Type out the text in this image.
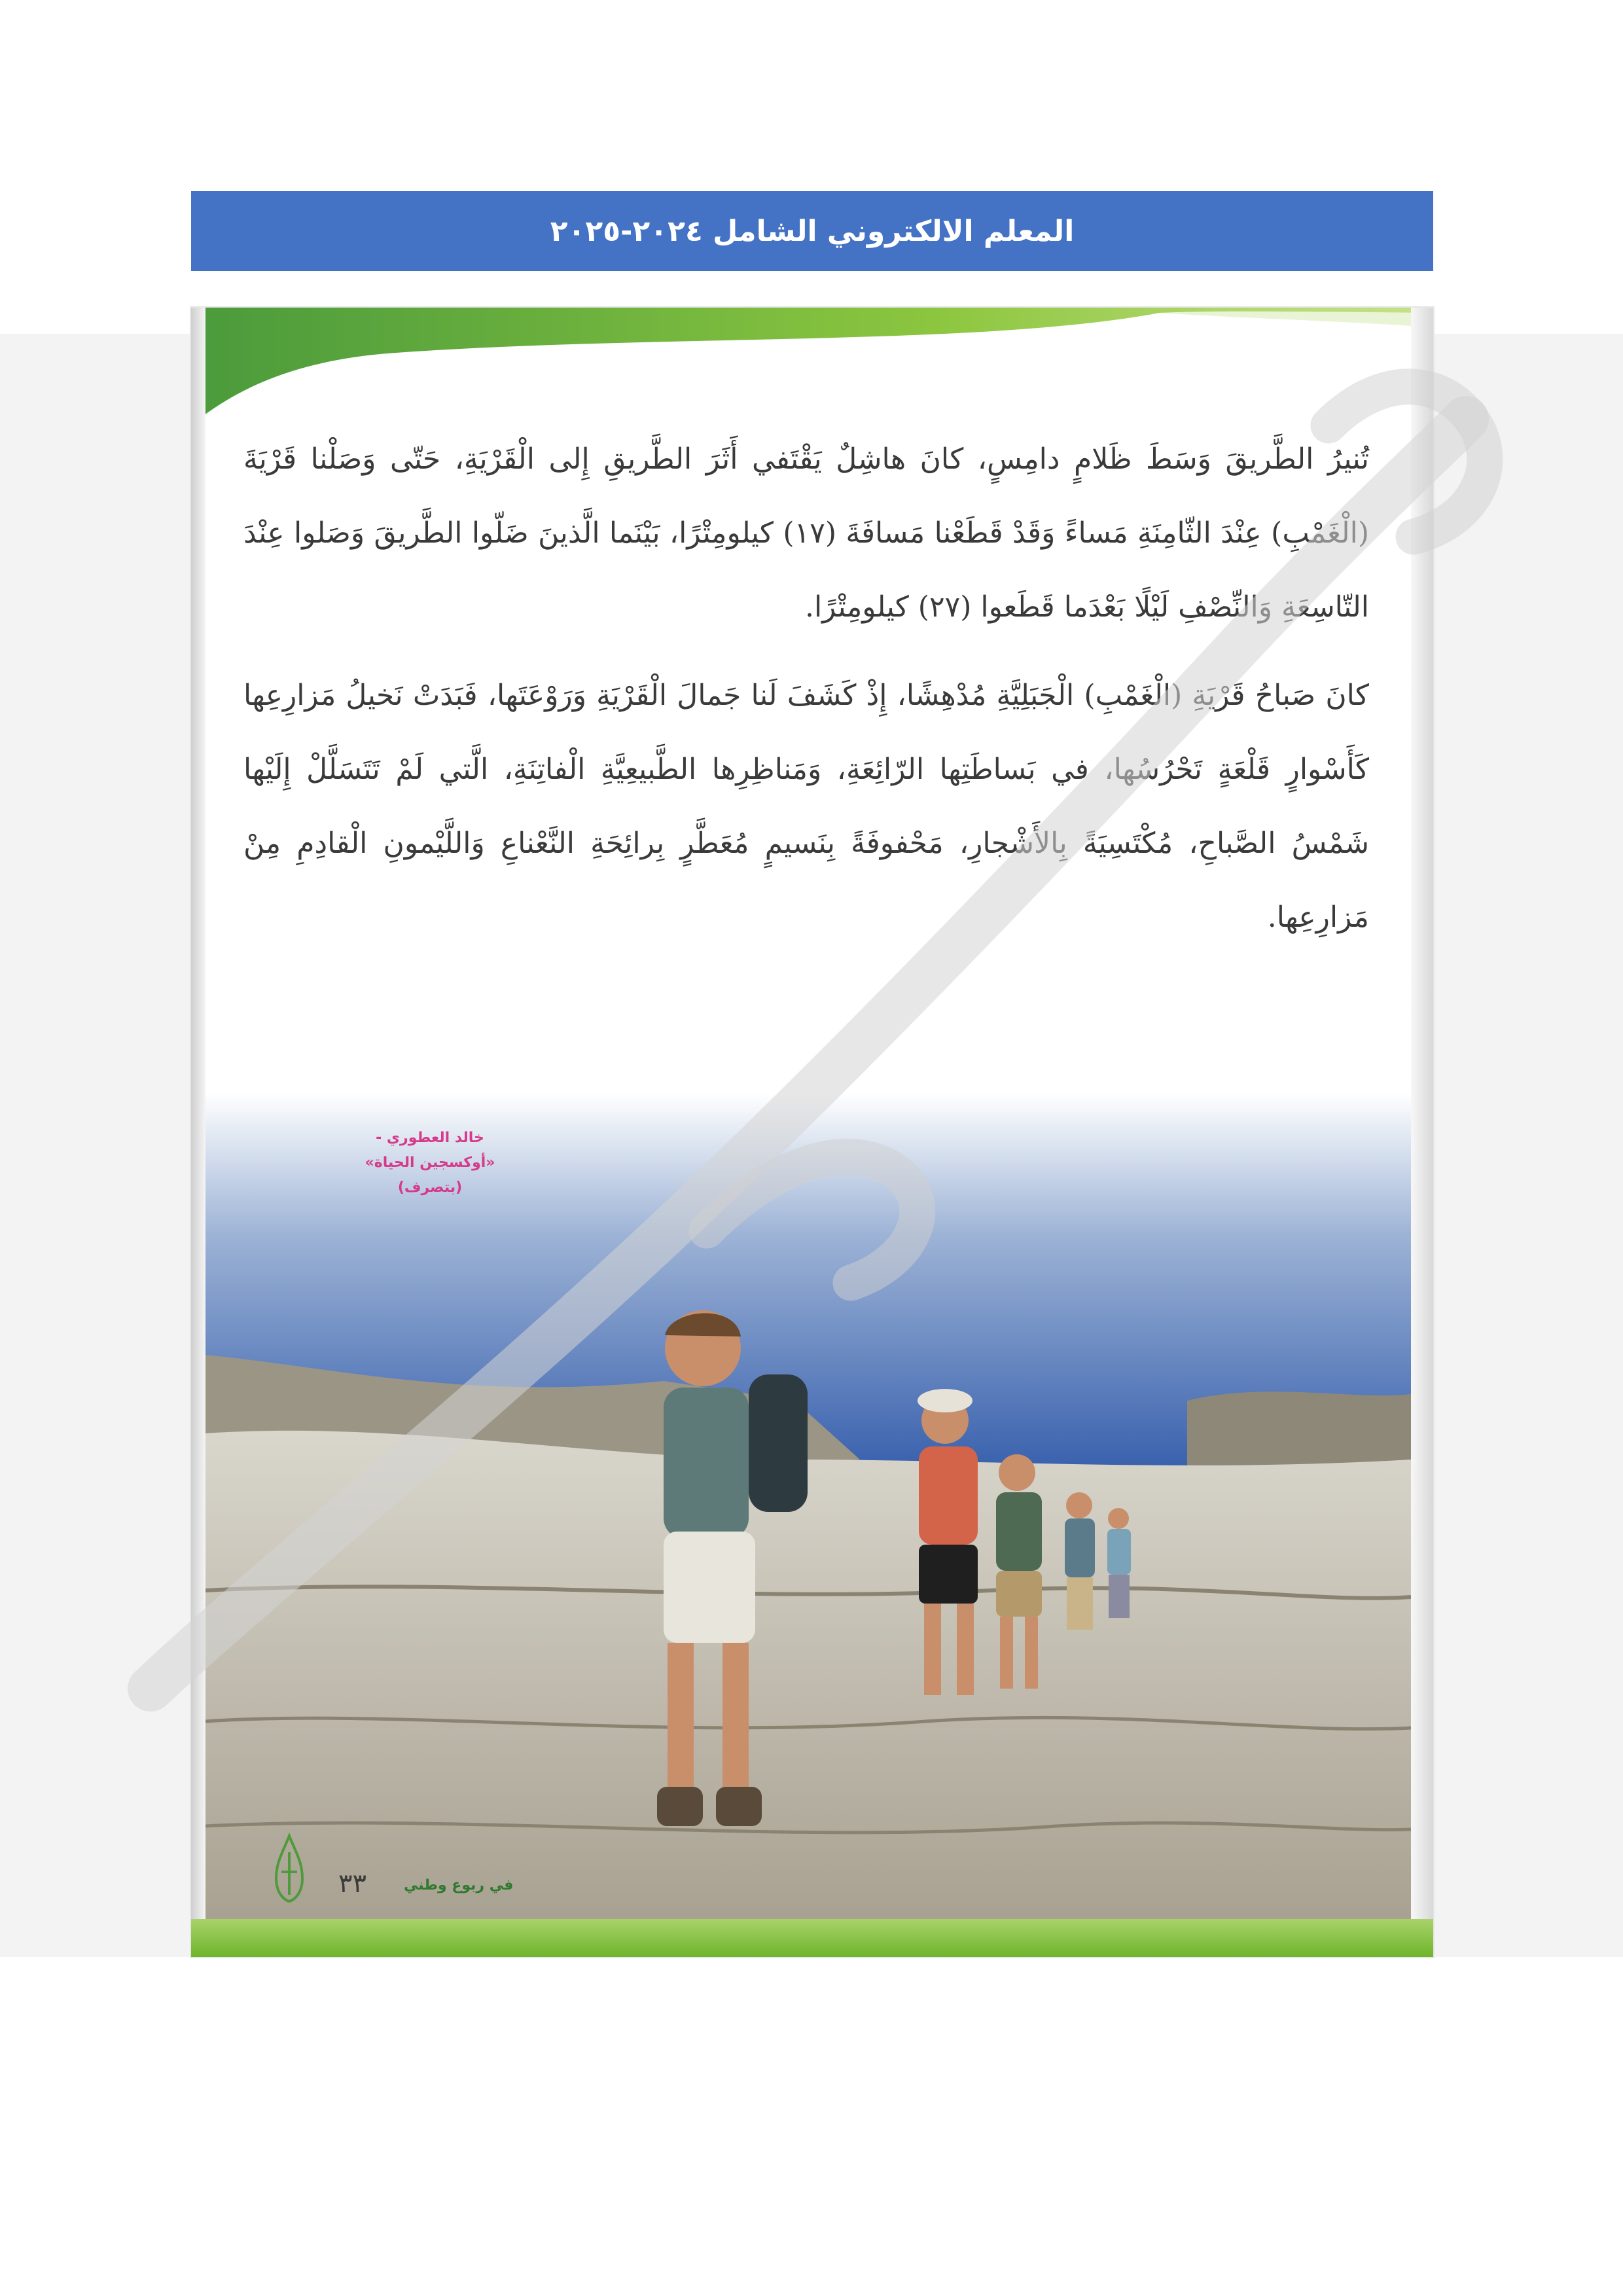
المعلم الالكتروني الشامل ٢٠٢٤-٢٠٢٥

تُنيرُ الطَّريقَ وَسَطَ ظَلامٍ دامِسٍ، كانَ هاشِلٌ يَقْتَفي أَثَرَ الطَّريقِ إِلى الْقَرْيَةِ، حَتّى وَصَلْنا قَرْيَةَ (الْغَمْبِ) عِنْدَ الثّامِنَةِ مَساءً وَقَدْ قَطَعْنا مَسافَةَ (١٧) كيلومِتْرًا، بَيْنَما الَّذينَ ضَلّوا الطَّريقَ وَصَلوا عِنْدَ التّاسِعَةِ وَالنِّصْفِ لَيْلًا بَعْدَما قَطَعوا (٢٧) كيلومِتْرًا.

كانَ صَباحُ قَرْيَةِ (الْغَمْبِ) الْجَبَلِيَّةِ مُدْهِشًا، إِذْ كَشَفَ لَنا جَمالَ الْقَرْيَةِ وَرَوْعَتَها، فَبَدَتْ نَخيلُ مَزارِعِها كَأَسْوارٍ قَلْعَةٍ تَحْرُسُها، في بَساطَتِها الرّائِعَةِ، وَمَناظِرِها الطَّبيعِيَّةِ الْفاتِنَةِ، الَّتي لَمْ تَتَسَلَّلْ إِلَيْها شَمْسُ الصَّباحِ، مُكْتَسِيَةً بِالأَشْجارِ، مَحْفوفَةً بِنَسيمٍ مُعَطَّرٍ بِرائِحَةِ النَّعْناعِ وَاللَّيْمونِ الْقادِمِ مِنْ مَزارِعِها.

خالد العطوري -
«أوكسجين الحياة»
(بتصرف)
٣٣	في ربوع وطني
